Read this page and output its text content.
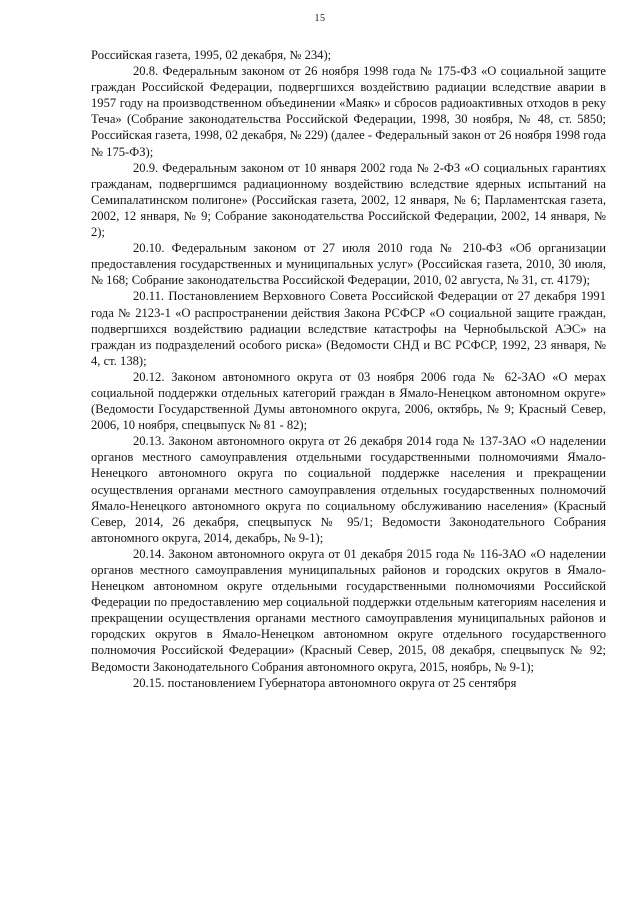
15

Российская газета, 1995, 02 декабря, № 234);

20.8. Федеральным законом от 26 ноября 1998 года № 175-ФЗ «О социальной защите граждан Российской Федерации, подвергшихся воздействию радиации вследствие аварии в 1957 году на производственном объединении «Маяк» и сбросов радиоактивных отходов в реку Теча» (Собрание законодательства Российской Федерации, 1998, 30 ноября, № 48, ст. 5850; Российская газета, 1998, 02 декабря, № 229) (далее - Федеральный закон от 26 ноября 1998 года № 175-ФЗ);

20.9. Федеральным законом от 10 января 2002 года № 2-ФЗ «О социальных гарантиях гражданам, подвергшимся радиационному воздействию вследствие ядерных испытаний на Семипалатинском полигоне» (Российская газета, 2002, 12 января, № 6; Парламентская газета, 2002, 12 января, № 9; Собрание законодательства Российской Федерации, 2002, 14 января, № 2);

20.10. Федеральным законом от 27 июля 2010 года № 210-ФЗ «Об организации предоставления государственных и муниципальных услуг» (Российская газета, 2010, 30 июля, № 168; Собрание законодательства Российской Федерации, 2010, 02 августа, № 31, ст. 4179);

20.11. Постановлением Верховного Совета Российской Федерации от 27 декабря 1991 года № 2123-1 «О распространении действия Закона РСФСР «О социальной защите граждан, подвергшихся воздействию радиации вследствие катастрофы на Чернобыльской АЭС» на граждан из подразделений особого риска» (Ведомости СНД и ВС РСФСР, 1992, 23 января, № 4, ст. 138);

20.12. Законом автономного округа от 03 ноября 2006 года № 62-ЗАО «О мерах социальной поддержки отдельных категорий граждан в Ямало-Ненецком автономном округе» (Ведомости Государственной Думы автономного округа, 2006, октябрь, № 9; Красный Север, 2006, 10 ноября, спецвыпуск № 81 - 82);

20.13. Законом автономного округа от 26 декабря 2014 года № 137-ЗАО «О наделении органов местного самоуправления отдельными государственными полномочиями Ямало-Ненецкого автономного округа по социальной поддержке населения и прекращении осуществления органами местного самоуправления отдельных государственных полномочий Ямало-Ненецкого автономного округа по социальному обслуживанию населения» (Красный Север, 2014, 26 декабря, спецвыпуск № 95/1; Ведомости Законодательного Собрания автономного округа, 2014, декабрь, № 9-1);

20.14. Законом автономного округа от 01 декабря 2015 года № 116-ЗАО «О наделении органов местного самоуправления муниципальных районов и городских округов в Ямало-Ненецком автономном округе отдельными государственными полномочиями Российской Федерации по предоставлению мер социальной поддержки отдельным категориям населения и прекращении осуществления органами местного самоуправления муниципальных районов и городских округов в Ямало-Ненецком автономном округе отдельного государственного полномочия Российской Федерации» (Красный Север, 2015, 08 декабря, спецвыпуск № 92; Ведомости Законодательного Собрания автономного округа, 2015, ноябрь, № 9-1);

20.15. постановлением Губернатора автономного округа от 25 сентября
